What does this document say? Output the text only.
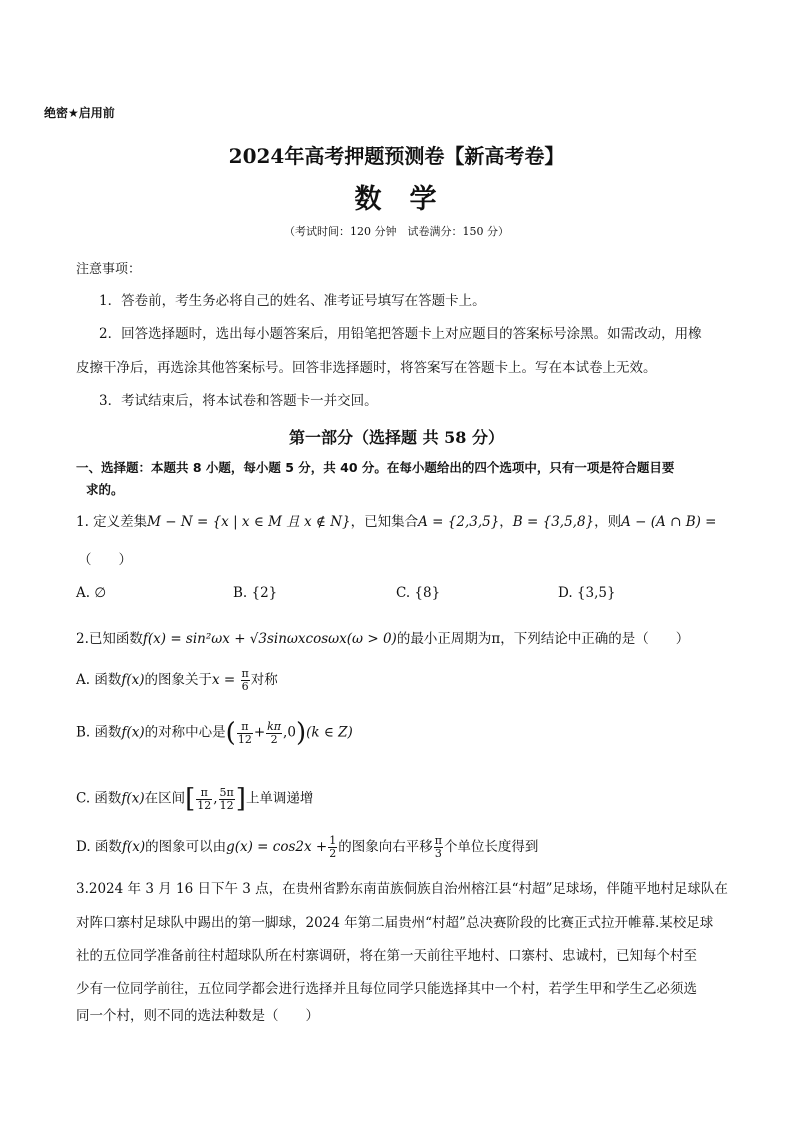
绝密★启用前
2024年高考押题预测卷【新高考卷】
数 学
（考试时间：120 分钟　试卷满分：150 分）
注意事项：
1．答卷前，考生务必将自己的姓名、准考证号填写在答题卡上。
2．回答选择题时，选出每小题答案后，用铅笔把答题卡上对应题目的答案标号涂黑。如需改动，用橡
皮擦干净后，再选涂其他答案标号。回答非选择题时，将答案写在答题卡上。写在本试卷上无效。
3．考试结束后，将本试卷和答题卡一并交回。
第一部分（选择题 共 58 分）
一、选择题：本题共 8 小题，每小题 5 分，共 40 分。在每小题给出的四个选项中，只有一项是符合题目要
求的。
1. 定义差集M − N = {x | x ∈ M 且 x ∉ N}，已知集合A = {2,3,5}，B = {3,5,8}，则A − (A ∩ B) =
（　　）
A. ∅	B. {2}	C. {8}	D. {3,5}
2.已知函数f(x) = sin²ωx + √3sinωxcosωx(ω > 0)的最小正周期为π，下列结论中正确的是（　　）
A. 函数f(x)的图象关于$x = \frac{\pi}{6}$ 对称
B. 函数f(x)的对称中心是( $\frac{\pi}{12} + \frac{k\pi}{2} ,0)(k$ ∈ Z)
C. 函数f(x)在区间[ $\frac{\pi}{12}$ , $\frac{5\pi}{12}$ ]上单调递增
D. 函数f(x)的图象可以由$g(x) = \cos 2x + \frac{1}{2}$ 的图象向右平移 $\frac{\pi}{3}$ 个单位长度得到
3.2024 年 3 月 16 日下午 3 点，在贵州省黔东南苗族侗族自治州榕江县“村超”足球场，伴随平地村足球队在
对阵口寨村足球队中踢出的第一脚球，2024 年第二届贵州“村超”总决赛阶段的比赛正式拉开帷幕.某校足球
社的五位同学准备前往村超球队所在村寨调研，将在第一天前往平地村、口寨村、忠诚村，已知每个村至
少有一位同学前往，五位同学都会进行选择并且每位同学只能选择其中一个村，若学生甲和学生乙必须选
同一个村，则不同的选法种数是（　　）
